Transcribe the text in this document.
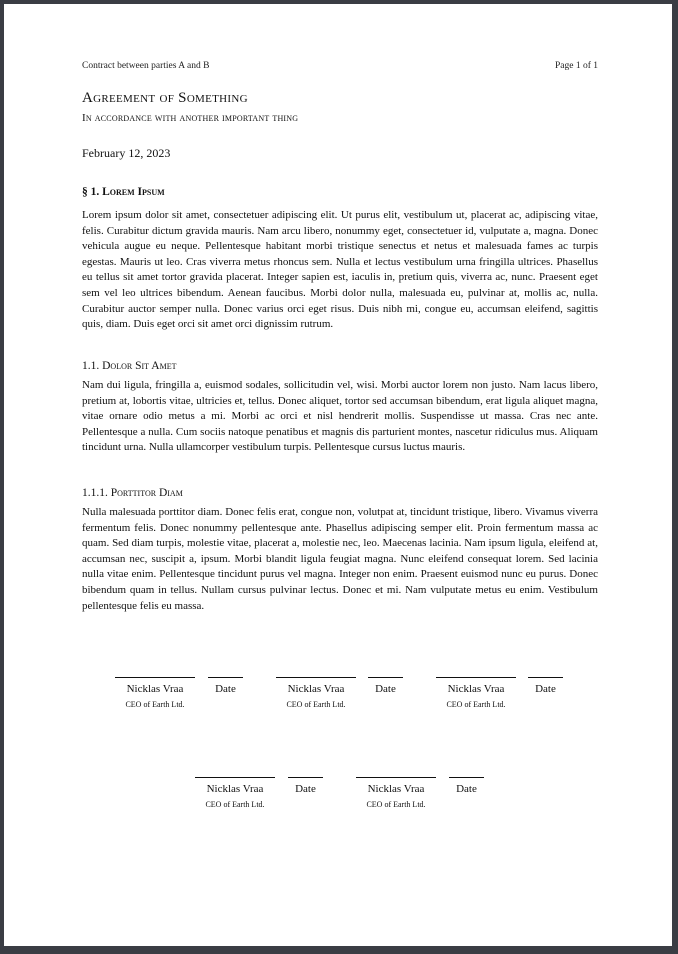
Contract between parties A and B	Page 1 of 1
Agreement of Something
In accordance with another important thing
February 12, 2023
§ 1. Lorem Ipsum
Lorem ipsum dolor sit amet, consectetuer adipiscing elit. Ut purus elit, vestibulum ut, placerat ac, adipiscing vitae, felis. Curabitur dictum gravida mauris. Nam arcu libero, nonummy eget, consectetuer id, vulputate a, magna. Donec vehicula augue eu neque. Pellentesque habitant morbi tristique senectus et netus et malesuada fames ac turpis egestas. Mauris ut leo. Cras viverra metus rhoncus sem. Nulla et lectus vestibulum urna fringilla ultrices. Phasellus eu tellus sit amet tortor gravida placerat. Integer sapien est, iaculis in, pretium quis, viverra ac, nunc. Praesent eget sem vel leo ultrices bibendum. Aenean faucibus. Morbi dolor nulla, malesuada eu, pulvinar at, mollis ac, nulla. Curabitur auctor semper nulla. Donec varius orci eget risus. Duis nibh mi, congue eu, accumsan eleifend, sagittis quis, diam. Duis eget orci sit amet orci dignissim rutrum.
1.1. Dolor Sit Amet
Nam dui ligula, fringilla a, euismod sodales, sollicitudin vel, wisi. Morbi auctor lorem non justo. Nam lacus libero, pretium at, lobortis vitae, ultricies et, tellus. Donec aliquet, tortor sed accumsan bibendum, erat ligula aliquet magna, vitae ornare odio metus a mi. Morbi ac orci et nisl hendrerit mollis. Suspendisse ut massa. Cras nec ante. Pellentesque a nulla. Cum sociis natoque penatibus et magnis dis parturient montes, nascetur ridiculus mus. Aliquam tincidunt urna. Nulla ullamcorper vestibulum turpis. Pellentesque cursus luctus mauris.
1.1.1. Porttitor Diam
Nulla malesuada porttitor diam. Donec felis erat, congue non, volutpat at, tincidunt tristique, libero. Vivamus viverra fermentum felis. Donec nonummy pellentesque ante. Phasellus adipiscing semper elit. Proin fermentum massa ac quam. Sed diam turpis, molestie vitae, placerat a, molestie nec, leo. Maecenas lacinia. Nam ipsum ligula, eleifend at, accumsan nec, suscipit a, ipsum. Morbi blandit ligula feugiat magna. Nunc eleifend consequat lorem. Sed lacinia nulla vitae enim. Pellentesque tincidunt purus vel magna. Integer non enim. Praesent euismod nunc eu purus. Donec bibendum quam in tellus. Nullam cursus pulvinar lectus. Donec et mi. Nam vulputate metus eu enim. Vestibulum pellentesque felis eu massa.
Nicklas Vraa
CEO of Earth Ltd.
Date	Nicklas Vraa
CEO of Earth Ltd.
Date	Nicklas Vraa
CEO of Earth Ltd.
Date
Nicklas Vraa
CEO of Earth Ltd.
Date	Nicklas Vraa
CEO of Earth Ltd.
Date
